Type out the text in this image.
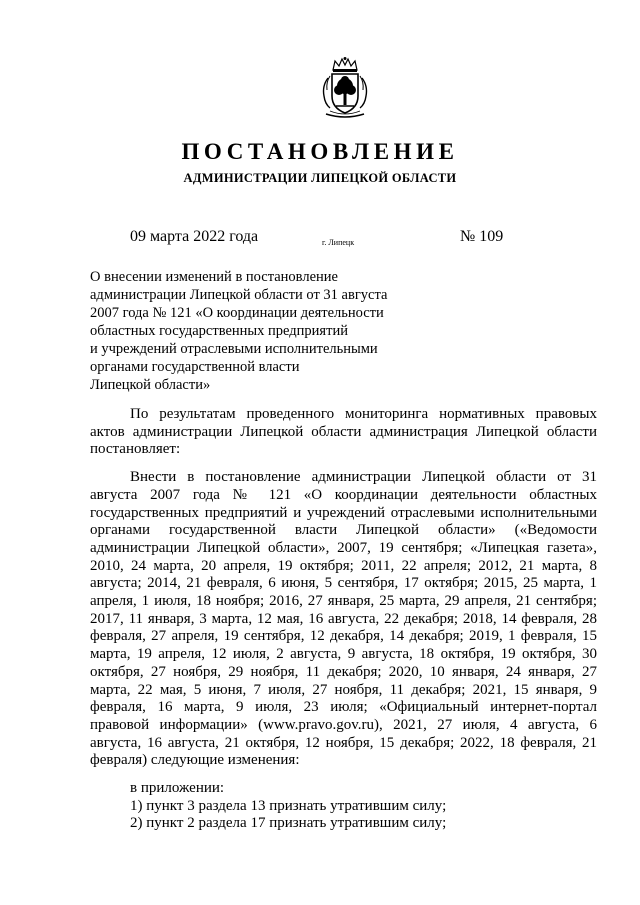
ПОСТАНОВЛЕНИЕ
АДМИНИСТРАЦИИ ЛИПЕЦКОЙ ОБЛАСТИ
09 марта 2022 года	г. Липецк	№ 109
О внесении изменений в постановление
администрации Липецкой области от 31 августа
2007 года № 121 «О координации деятельности
областных государственных предприятий
и учреждений отраслевыми исполнительными
органами государственной власти
Липецкой области»

По результатам проведенного мониторинга нормативных правовых актов администрации Липецкой области администрация Липецкой области постановляет:

Внести в постановление администрации Липецкой области от 31 августа 2007 года № 121 «О координации деятельности областных государственных предприятий и учреждений отраслевыми исполнительными органами государственной власти Липецкой области» («Ведомости администрации Липецкой области», 2007, 19 сентября; «Липецкая газета», 2010, 24 марта, 20 апреля, 19 октября; 2011, 22 апреля; 2012, 21 марта, 8 августа; 2014, 21 февраля, 6 июня, 5 сентября, 17 октября; 2015, 25 марта, 1 апреля, 1 июля, 18 ноября; 2016, 27 января, 25 марта, 29 апреля, 21 сентября; 2017, 11 января, 3 марта, 12 мая, 16 августа, 22 декабря; 2018, 14 февраля, 28 февраля, 27 апреля, 19 сентября, 12 декабря, 14 декабря; 2019, 1 февраля, 15 марта, 19 апреля, 12 июля, 2 августа, 9 августа, 18 октября, 19 октября, 30 октября, 27 ноября, 29 ноября, 11 декабря; 2020, 10 января, 24 января, 27 марта, 22 мая, 5 июня, 7 июля, 27 ноября, 11 декабря; 2021, 15 января, 9 февраля, 16 марта, 9 июля, 23 июля; «Официальный интернет-портал правовой информации» (www.pravo.gov.ru), 2021, 27 июля, 4 августа, 6 августа, 16 августа, 21 октября, 12 ноября, 15 декабря; 2022, 18 февраля, 21 февраля) следующие изменения:

в приложении:

1) пункт 3 раздела 13 признать утратившим силу;

2) пункт 2 раздела 17 признать утратившим силу;
